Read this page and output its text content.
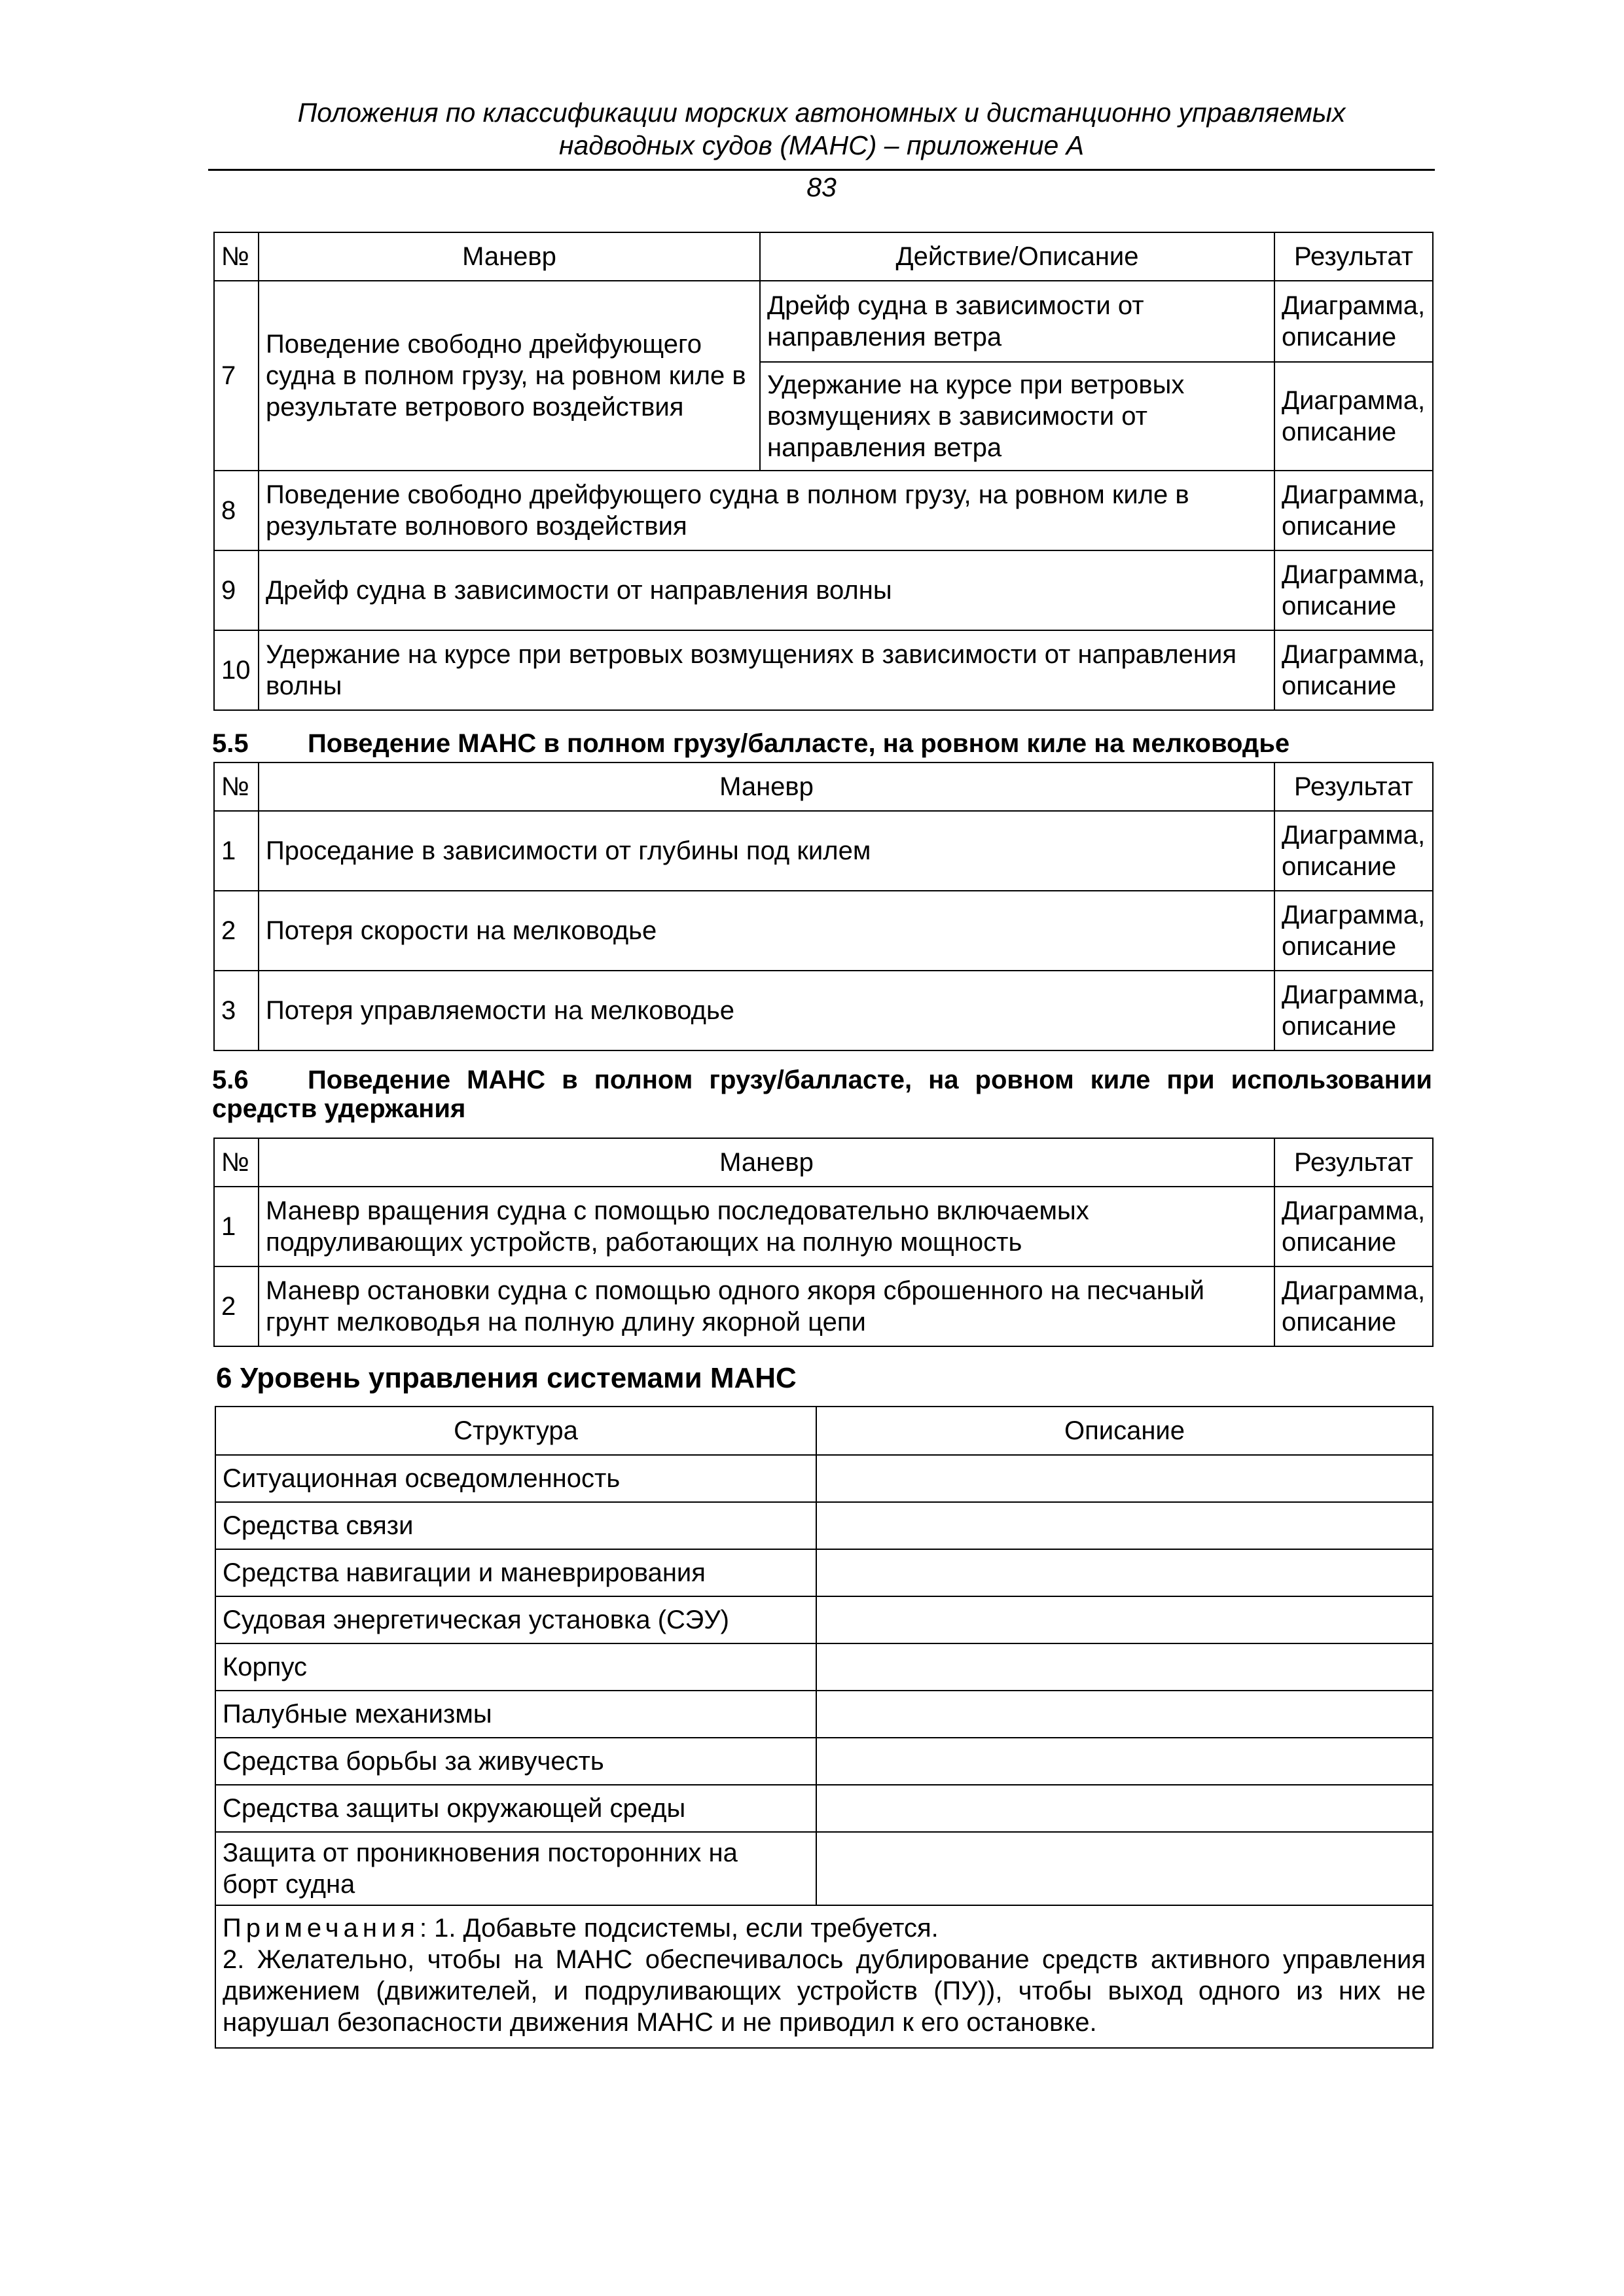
Положения по классификации морских автономных и дистанционно управляемых
надводных судов (МАНС) – приложение А
83
№	Маневр	Действие/Описание	Результат
7	Поведение свободно дрейфующего судна в полном грузу, на ровном киле в результате ветрового воздействия	Дрейф судна в зависимости от направления ветра	Диаграмма, описание
		Удержание на курсе при ветровых возмущениях в зависимости от направления ветра	Диаграмма, описание
8	Поведение свободно дрейфующего судна в полном грузу, на ровном киле в результате волнового воздействия		Диаграмма, описание
9	Дрейф судна в зависимости от направления волны		Диаграмма, описание
10	Удержание на курсе при ветровых возмущениях в зависимости от направления волны		Диаграмма, описание
5.5 Поведение МАНС в полном грузу/балласте, на ровном киле на мелководье
№	Маневр	Результат
1	Проседание в зависимости от глубины под килем	Диаграмма, описание
2	Потеря скорости на мелководье	Диаграмма, описание
3	Потеря управляемости на мелководье	Диаграмма, описание
5.6	Поведение МАНС в полном грузу/балласте, на ровном киле при использовании средств удержания
№	Маневр	Результат
1	Маневр вращения судна с помощью последовательно включаемых подруливающих устройств, работающих на полную мощность	Диаграмма, описание
2	Маневр остановки судна с помощью одного якоря сброшенного на песчаный грунт мелководья на полную длину якорной цепи	Диаграмма, описание
6 Уровень управления системами МАНС
Структура	Описание
Ситуационная осведомленность	
Средства связи	
Средства навигации и маневрирования	
Судовая энергетическая установка (СЭУ)	
Корпус	
Палубные механизмы	
Средства борьбы за живучесть	
Средства защиты окружающей среды	
Защита от проникновения посторонних на борт судна	

Примечания: 1. Добавьте подсистемы, если требуется.
2. Желательно, чтобы на МАНС обеспечивалось дублирование средств активного управления движением (движителей, и подруливающих устройств (ПУ)), чтобы выход одного из них не нарушал безопасности движения МАНС и не приводил к его остановке.	
